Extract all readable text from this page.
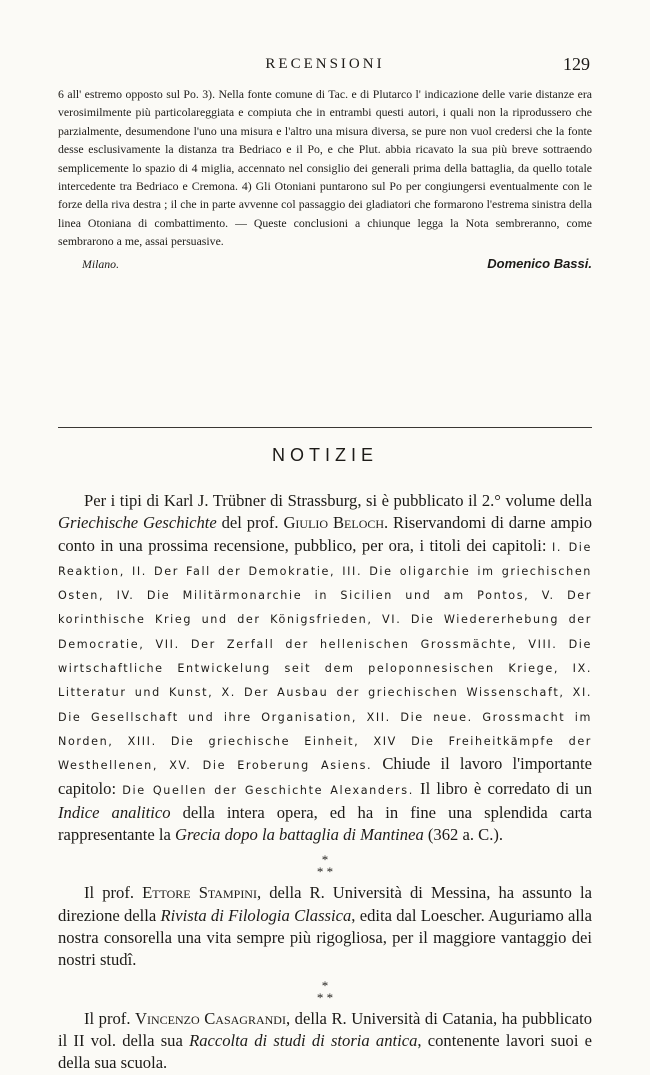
RECENSIONI	129

6 all' estremo opposto sul Po. 3). Nella fonte comune di Tac. e di Plutarco l' indicazione delle varie distanze era verosimilmente più particolareggiata e compiuta che in entrambi questi autori, i quali non la riprodussero che parzialmente, desumendone l'uno una misura e l'altro una misura diversa, se pure non vuol credersi che la fonte desse esclusivamente la distanza tra Bedriaco e il Po, e che Plut. abbia ricavato la sua più breve sottraendo semplicemente lo spazio di 4 miglia, accennato nel consiglio dei generali prima della battaglia, da quello totale intercedente tra Bedriaco e Cremona. 4) Gli Otoniani puntarono sul Po per congiungersi eventualmente con le forze della riva destra ; il che in parte avvenne col passaggio dei gladiatori che formarono l'estrema sinistra della linea Otoniana di combattimento. — Queste conclusioni a chiunque legga la Nota sembreranno, come sembrarono a me, assai persuasive.

Milano.	Domenico Bassi.
NOTIZIE

Per i tipi di Karl J. Trübner di Strassburg, si è pubblicato il 2.° volume della Griechische Geschichte del prof. Giulio Beloch. Riservandomi di darne ampio conto in una prossima recensione, pubblico, per ora, i titoli dei capitoli: I. Die Reaktion, II. Der Fall der Demokratie, III. Die oligarchie im griechischen Osten, IV. Die Militärmonarchie in Sicilien und am Pontos, V. Der korinthische Krieg und der Königsfrieden, VI. Die Wiedererhebung der Democratie, VII. Der Zerfall der hellenischen Grossmächte, VIII. Die wirtschaftliche Entwickelung seit dem peloponnesischen Kriege, IX. Litteratur und Kunst, X. Der Ausbau der griechischen Wissenschaft, XI. Die Gesellschaft und ihre Organisation, XII. Die neue. Grossmacht im Norden, XIII. Die griechische Einheit, XIV Die Freiheitkämpfe der Westhellenen, XV. Die Eroberung Asiens. Chiude il lavoro l'importante capitolo: Die Quellen der Geschichte Alexanders. Il libro è corredato di un Indice analitico della intera opera, ed ha in fine una splendida carta rappresentante la Grecia dopo la battaglia di Mantinea (362 a. C.).

*
* *

Il prof. Ettore Stampini, della R. Università di Messina, ha assunto la direzione della Rivista di Filologia Classica, edita dal Loescher. Auguriamo alla nostra consorella una vita sempre più rigogliosa, per il maggiore vantaggio dei nostri studî.

*
* *

Il prof. Vincenzo Casagrandi, della R. Università di Catania, ha pubblicato il II vol. della sua Raccolta di studi di storia antica, contenente lavori suoi e della sua scuola.
